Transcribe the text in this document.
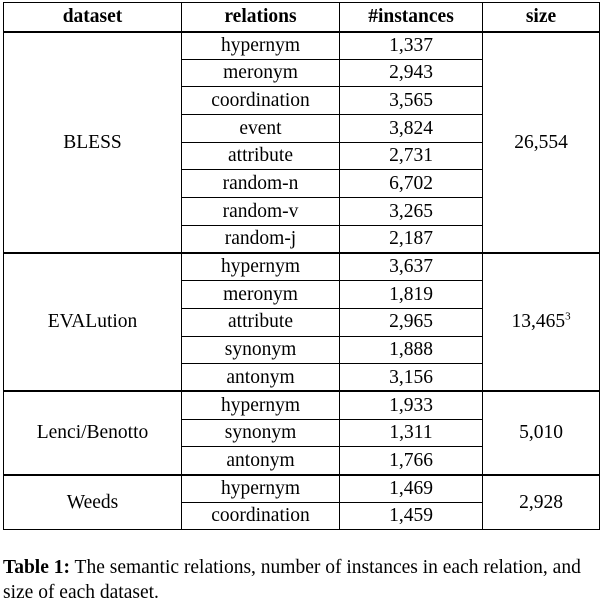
dataset	relations	#instances	size
BLESS	hypernym	1,337	26,554
	meronym	2,943	
	coordination	3,565	
	event	3,824	
	attribute	2,731	
	random-n	6,702	
	random-v	3,265	
	random-j	2,187	
EVALution	hypernym	3,637	13,465$^3$
	meronym	1,819	
	attribute	2,965	
	synonym	1,888	
	antonym	3,156	
Lenci/Benotto	hypernym	1,933	5,010
	synonym	1,311	
	antonym	1,766	
Weeds	hypernym	1,469	2,928
	coordination	1,459	

Table 1: The semantic relations, number of instances in each relation, and size of each dataset.
